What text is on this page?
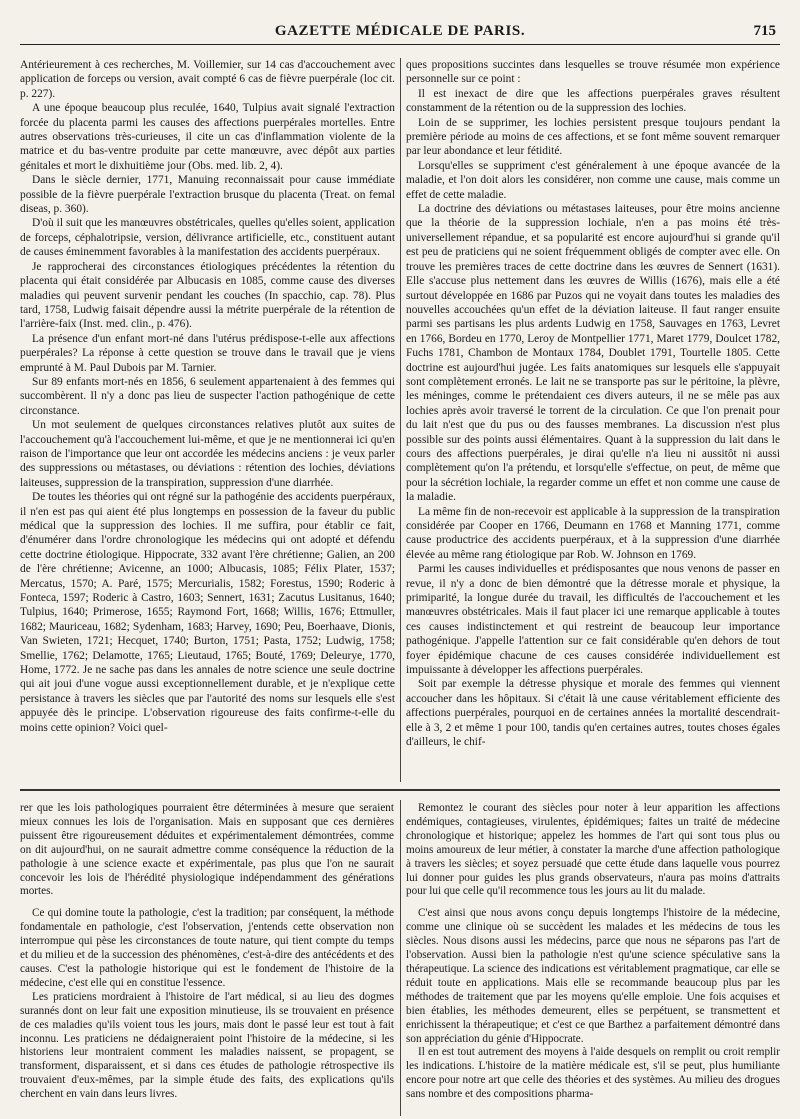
GAZETTE MÉDICALE DE PARIS.	715

Antérieurement à ces recherches, M. Voillemier, sur 14 cas d'accouchement avec application de forceps ou version, avait compté 6 cas de fièvre puerpérale (loc cit. p. 227).

A une époque beaucoup plus reculée, 1640, Tulpius avait signalé l'extraction forcée du placenta parmi les causes des affections puerpérales mortelles. Entre autres observations très-curieuses, il cite un cas d'inflammation violente de la matrice et du bas-ventre produite par cette manœuvre, avec dépôt aux parties génitales et mort le dixhuitième jour (Obs. med. lib. 2, 4).

Dans le siècle dernier, 1771, Manuing reconnaissait pour cause immédiate possible de la fièvre puerpérale l'extraction brusque du placenta (Treat. on femal diseas, p. 360).

D'où il suit que les manœuvres obstétricales, quelles qu'elles soient, application de forceps, céphalotripsie, version, délivrance artificielle, etc., constituent autant de causes éminemment favorables à la manifestation des accidents puerpéraux.

Je rapprocherai des circonstances étiologiques précédentes la rétention du placenta qui était considérée par Albucasis en 1085, comme cause des diverses maladies qui peuvent survenir pendant les couches (In spacchio, cap. 78). Plus tard, 1758, Ludwig faisait dépendre aussi la métrite puerpérale de la rétention de l'arrière-faix (Inst. med. clin., p. 476).

La présence d'un enfant mort-né dans l'utérus prédispose-t-elle aux affections puerpérales? La réponse à cette question se trouve dans le travail que je viens emprunté à M. Paul Dubois par M. Tarnier.

Sur 89 enfants mort-nés en 1856, 6 seulement appartenaient à des femmes qui succombèrent. Il n'y a donc pas lieu de suspecter l'action pathogénique de cette circonstance.

Un mot seulement de quelques circonstances relatives plutôt aux suites de l'accouchement qu'à l'accouchement lui-même, et que je ne mentionnerai ici qu'en raison de l'importance que leur ont accordée les médecins anciens : je veux parler des suppressions ou métastases, ou déviations : rétention des lochies, déviations laiteuses, suppression de la transpiration, suppression d'une diarrhée.

De toutes les théories qui ont régné sur la pathogénie des accidents puerpéraux, il n'en est pas qui aient été plus longtemps en possession de la faveur du public médical que la suppression des lochies. Il me suffira, pour établir ce fait, d'énumérer dans l'ordre chronologique les médecins qui ont adopté et défendu cette doctrine étiologique. Hippocrate, 332 avant l'ère chrétienne; Galien, an 200 de l'ère chrétienne; Avicenne, an 1000; Albucasis, 1085; Félix Plater, 1537; Mercatus, 1570; A. Paré, 1575; Mercurialis, 1582; Forestus, 1590; Roderic à Fonteca, 1597; Roderic à Castro, 1603; Sennert, 1631; Zacutus Lusitanus, 1640; Tulpius, 1640; Primerose, 1655; Raymond Fort, 1668; Willis, 1676; Ettmuller, 1682; Mauriceau, 1682; Sydenham, 1683; Harvey, 1690; Peu, Boerhaave, Dionis, Van Swieten, 1721; Hecquet, 1740; Burton, 1751; Pasta, 1752; Ludwig, 1758; Smellie, 1762; Delamotte, 1765; Lieutaud, 1765; Bouté, 1769; Deleurye, 1770, Home, 1772. Je ne sache pas dans les annales de notre science une seule doctrine qui ait joui d'une vogue aussi exceptionnellement durable, et je n'explique cette persistance à travers les siècles que par l'autorité des noms sur lesquels elle s'est appuyée dès le principe. L'observation rigoureuse des faits confirme-t-elle du moins cette opinion? Voici quel-

ques propositions succintes dans lesquelles se trouve résumée mon expérience personnelle sur ce point :

Il est inexact de dire que les affections puerpérales graves résultent constamment de la rétention ou de la suppression des lochies.

Loin de se supprimer, les lochies persistent presque toujours pendant la première période au moins de ces affections, et se font même souvent remarquer par leur abondance et leur fétidité.

Lorsqu'elles se suppriment c'est généralement à une époque avancée de la maladie, et l'on doit alors les considérer, non comme une cause, mais comme un effet de cette maladie.

La doctrine des déviations ou métastases laiteuses, pour être moins ancienne que la théorie de la suppression lochiale, n'en a pas moins été très-universellement répandue, et sa popularité est encore aujourd'hui si grande qu'il est peu de praticiens qui ne soient fréquemment obligés de compter avec elle. On trouve les premières traces de cette doctrine dans les œuvres de Sennert (1631). Elle s'accuse plus nettement dans les œuvres de Willis (1676), mais elle a été surtout développée en 1686 par Puzos qui ne voyait dans toutes les maladies des nouvelles accouchées qu'un effet de la déviation laiteuse. Il faut ranger ensuite parmi ses partisans les plus ardents Ludwig en 1758, Sauvages en 1763, Levret en 1766, Bordeu en 1770, Leroy de Montpellier 1771, Maret 1779, Doulcet 1782, Fuchs 1781, Chambon de Montaux 1784, Doublet 1791, Tourtelle 1805. Cette doctrine est aujourd'hui jugée. Les faits anatomiques sur lesquels elle s'appuyait sont complètement erronés. Le lait ne se transporte pas sur le péritoine, la plèvre, les méninges, comme le prétendaient ces divers auteurs, il ne se mêle pas aux lochies après avoir traversé le torrent de la circulation. Ce que l'on prenait pour du lait n'est que du pus ou des fausses membranes. La discussion n'est plus possible sur des points aussi élémentaires. Quant à la suppression du lait dans le cours des affections puerpérales, je dirai qu'elle n'a lieu ni aussitôt ni aussi complètement qu'on l'a prétendu, et lorsqu'elle s'effectue, on peut, de même que pour la sécrétion lochiale, la regarder comme un effet et non comme une cause de la maladie.

La même fin de non-recevoir est applicable à la suppression de la transpiration considérée par Cooper en 1766, Deumann en 1768 et Manning 1771, comme cause productrice des accidents puerpéraux, et à la suppression d'une diarrhée élevée au même rang étiologique par Rob. W. Johnson en 1769.

Parmi les causes individuelles et prédisposantes que nous venons de passer en revue, il n'y a donc de bien démontré que la détresse morale et physique, la primiparité, la longue durée du travail, les difficultés de l'accouchement et les manœuvres obstétricales. Mais il faut placer ici une remarque applicable à toutes ces causes indistinctement et qui restreint de beaucoup leur importance pathogénique. J'appelle l'attention sur ce fait considérable qu'en dehors de tout foyer épidémique chacune de ces causes considérée individuellement est impuissante à développer les affections puerpérales.

Soit par exemple la détresse physique et morale des femmes qui viennent accoucher dans les hôpitaux. Si c'était là une cause véritablement efficiente des affections puerpérales, pourquoi en de certaines années la mortalité descendrait-elle à 3, 2 et même 1 pour 100, tandis qu'en certaines autres, toutes choses égales d'ailleurs, le chif-

rer que les lois pathologiques pourraient être déterminées à mesure que seraient mieux connues les lois de l'organisation. Mais en supposant que ces dernières puissent être rigoureusement déduites et expérimentalement démontrées, comme on dit aujourd'hui, on ne saurait admettre comme conséquence la réduction de la pathologie à une science exacte et expérimentale, pas plus que l'on ne saurait concevoir les lois de l'hérédité physiologique indépendamment des générations mortes.

Ce qui domine toute la pathologie, c'est la tradition; par conséquent, la méthode fondamentale en pathologie, c'est l'observation, j'entends cette observation non interrompue qui pèse les circonstances de toute nature, qui tient compte du temps et du milieu et de la succession des phénomènes, c'est-à-dire des antécédents et des causes. C'est la pathologie historique qui est le fondement de l'histoire de la médecine, c'est elle qui en constitue l'essence.

Les praticiens mordraient à l'histoire de l'art médical, si au lieu des dogmes surannés dont on leur fait une exposition minutieuse, ils se trouvaient en présence de ces maladies qu'ils voient tous les jours, mais dont le passé leur est tout à fait inconnu. Les praticiens ne dédaigneraient point l'histoire de la médecine, si les historiens leur montraient comment les maladies naissent, se propagent, se transforment, disparaissent, et si dans ces études de pathologie rétrospective ils trouvaient d'eux-mêmes, par la simple étude des faits, des explications qu'ils cherchent en vain dans leurs livres.

Remontez le courant des siècles pour noter à leur apparition les affections endémiques, contagieuses, virulentes, épidémiques; faites un traité de médecine chronologique et historique; appelez les hommes de l'art qui sont tous plus ou moins amoureux de leur métier, à constater la marche d'une affection pathologique à travers les siècles; et soyez persuadé que cette étude dans laquelle vous pourrez lui donner pour guides les plus grands observateurs, n'aura pas moins d'attraits pour lui que celle qu'il recommence tous les jours au lit du malade.

C'est ainsi que nous avons conçu depuis longtemps l'histoire de la médecine, comme une clinique où se succèdent les malades et les médecins de tous les siècles. Nous disons aussi les médecins, parce que nous ne séparons pas l'art de l'observation. Aussi bien la pathologie n'est qu'une science spéculative sans la thérapeutique. La science des indications est véritablement pragmatique, car elle se réduit toute en applications. Mais elle se recommande beaucoup plus par les méthodes de traitement que par les moyens qu'elle emploie. Une fois acquises et bien établies, les méthodes demeurent, elles se perpétuent, se transmettent et enrichissent la thérapeutique; et c'est ce que Barthez a parfaitement démontré dans son appréciation du génie d'Hippocrate.

Il en est tout autrement des moyens à l'aide desquels on remplit ou croit remplir les indications. L'histoire de la matière médicale est, s'il se peut, plus humiliante encore pour notre art que celle des théories et des systèmes. Au milieu des drogues sans nombre et des compositions pharma-
